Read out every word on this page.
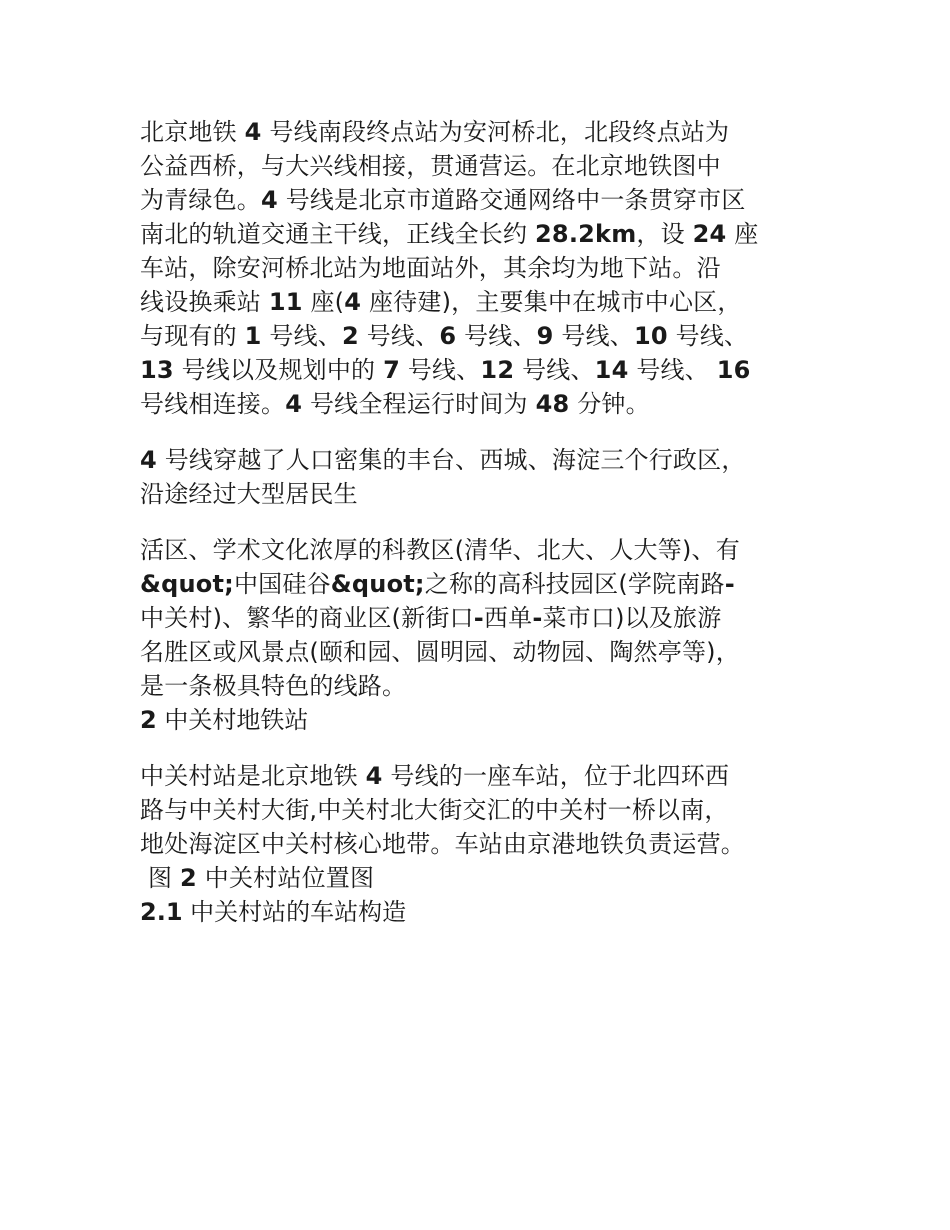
北京地铁 4 号线南段终点站为安河桥北，北段终点站为
公益西桥，与大兴线相接，贯通营运。在北京地铁图中
为青绿色。4 号线是北京市道路交通网络中一条贯穿市区
南北的轨道交通主干线，正线全长约 28.2km，设 24 座
车站，除安河桥北站为地面站外，其余均为地下站。沿
线设换乘站 11 座(4 座待建)，主要集中在城市中心区，
与现有的 1 号线、2 号线、6 号线、9 号线、10 号线、
13 号线以及规划中的 7 号线、12 号线、14 号线、 16
号线相连接。4 号线全程运行时间为 48 分钟。
4 号线穿越了人口密集的丰台、西城、海淀三个行政区，
沿途经过大型居民生
活区、学术文化浓厚的科教区(清华、北大、人大等)、有
&quot;中国硅谷&quot;之称的高科技园区(学院南路-
中关村)、繁华的商业区(新街口-西单-菜市口)以及旅游
名胜区或风景点(颐和园、圆明园、动物园、陶然亭等)，
是一条极具特色的线路。
2 中关村地铁站
中关村站是北京地铁 4 号线的一座车站，位于北四环西
路与中关村大街,中关村北大街交汇的中关村一桥以南，
地处海淀区中关村核心地带。车站由京港地铁负责运营。
图 2 中关村站位置图
2.1 中关村站的车站构造
